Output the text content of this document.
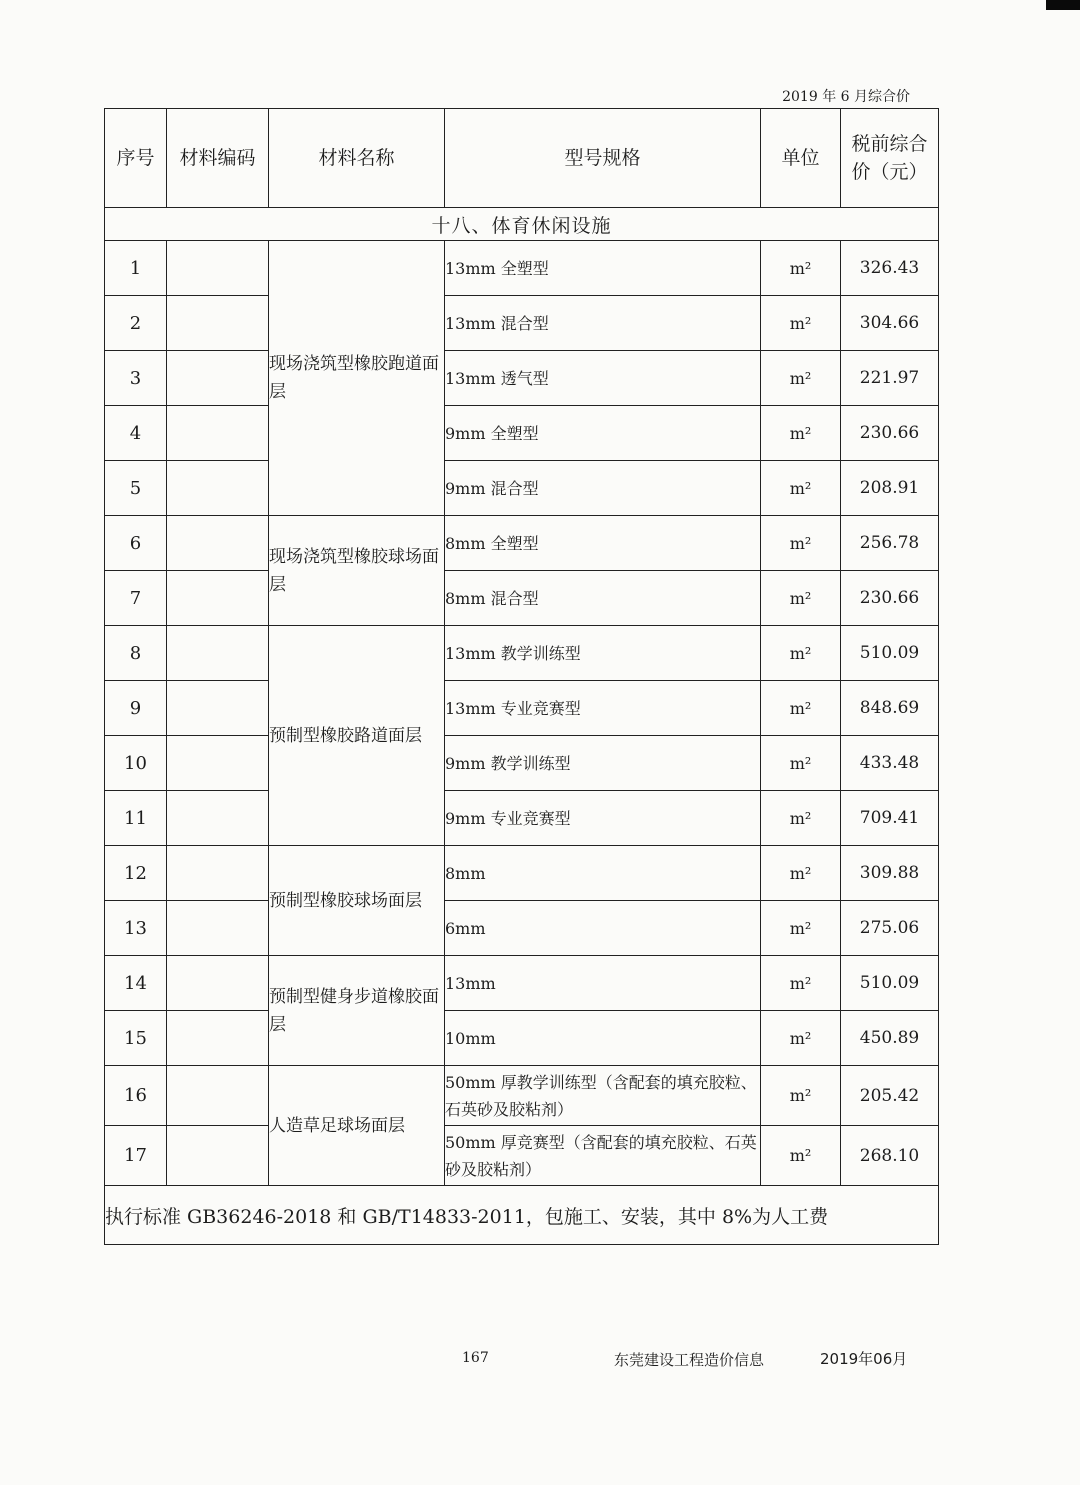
2019 年 6 月综合价
序号	材料编码	材料名称	型号规格	单位	税前综合价（元）
十八、体育休闲设施					
1		现场浇筑型橡胶跑道面层	13mm 全塑型	m²	326.43
2			13mm 混合型	m²	304.66
3			13mm 透气型	m²	221.97
4			9mm 全塑型	m²	230.66
5			9mm 混合型	m²	208.91
6		现场浇筑型橡胶球场面层	8mm 全塑型	m²	256.78
7			8mm 混合型	m²	230.66
8		预制型橡胶路道面层	13mm 教学训练型	m²	510.09
9			13mm 专业竞赛型	m²	848.69
10			9mm 教学训练型	m²	433.48
11			9mm 专业竞赛型	m²	709.41
12		预制型橡胶球场面层	8mm	m²	309.88
13			6mm	m²	275.06
14		预制型健身步道橡胶面层	13mm	m²	510.09
15			10mm	m²	450.89
16		人造草足球场面层	50mm 厚教学训练型（含配套的填充胶粒、石英砂及胶粘剂）	m²	205.42
17			50mm 厚竞赛型（含配套的填充胶粒、石英砂及胶粘剂）	m²	268.10
执行标准 GB36246-2018 和 GB/T14833-2011，包施工、安装，其中 8%为人工费					
167	东莞建设工程造价信息	2019年06月
